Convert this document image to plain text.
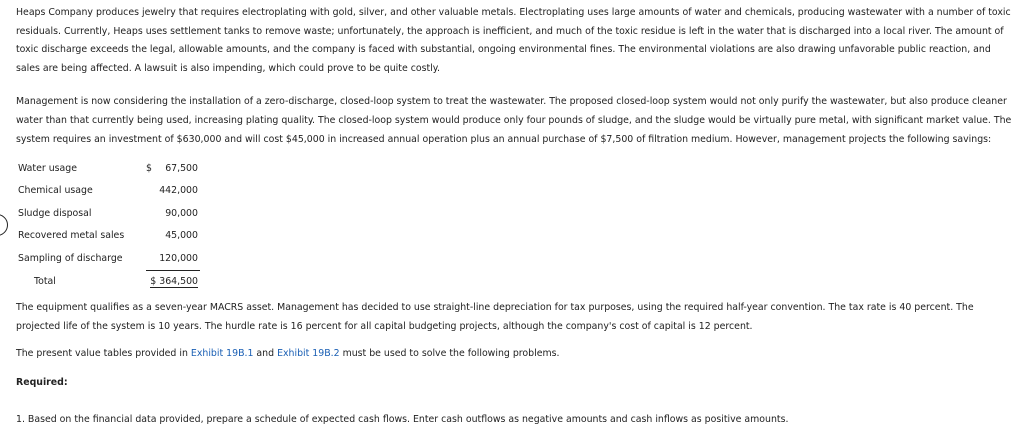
Heaps Company produces jewelry that requires electroplating with gold, silver, and other valuable metals. Electroplating uses large amounts of water and chemicals, producing wastewater with a number of toxic residuals. Currently, Heaps uses settlement tanks to remove waste; unfortunately, the approach is inefficient, and much of the toxic residue is left in the water that is discharged into a local river. The amount of toxic discharge exceeds the legal, allowable amounts, and the company is faced with substantial, ongoing environmental fines. The environmental violations are also drawing unfavorable public reaction, and sales are being affected. A lawsuit is also impending, which could prove to be quite costly.

Management is now considering the installation of a zero-discharge, closed-loop system to treat the wastewater. The proposed closed-loop system would not only purify the wastewater, but also produce cleaner water than that currently being used, increasing plating quality. The closed-loop system would produce only four pounds of sludge, and the sludge would be virtually pure metal, with significant market value. The system requires an investment of $630,000 and will cost $45,000 in increased annual operation plus an annual purchase of $7,500 of filtration medium. However, management projects the following savings:

Water usage	$ 67,500
Chemical usage	442,000
Sludge disposal	90,000
Recovered metal sales	45,000
Sampling of discharge	120,000
Total	$ 364,500

The equipment qualifies as a seven-year MACRS asset. Management has decided to use straight-line depreciation for tax purposes, using the required half-year convention. The tax rate is 40 percent. The projected life of the system is 10 years. The hurdle rate is 16 percent for all capital budgeting projects, although the company's cost of capital is 12 percent.

The present value tables provided in Exhibit 19B.1 and Exhibit 19B.2 must be used to solve the following problems.

Required:

1. Based on the financial data provided, prepare a schedule of expected cash flows. Enter cash outflows as negative amounts and cash inflows as positive amounts.
